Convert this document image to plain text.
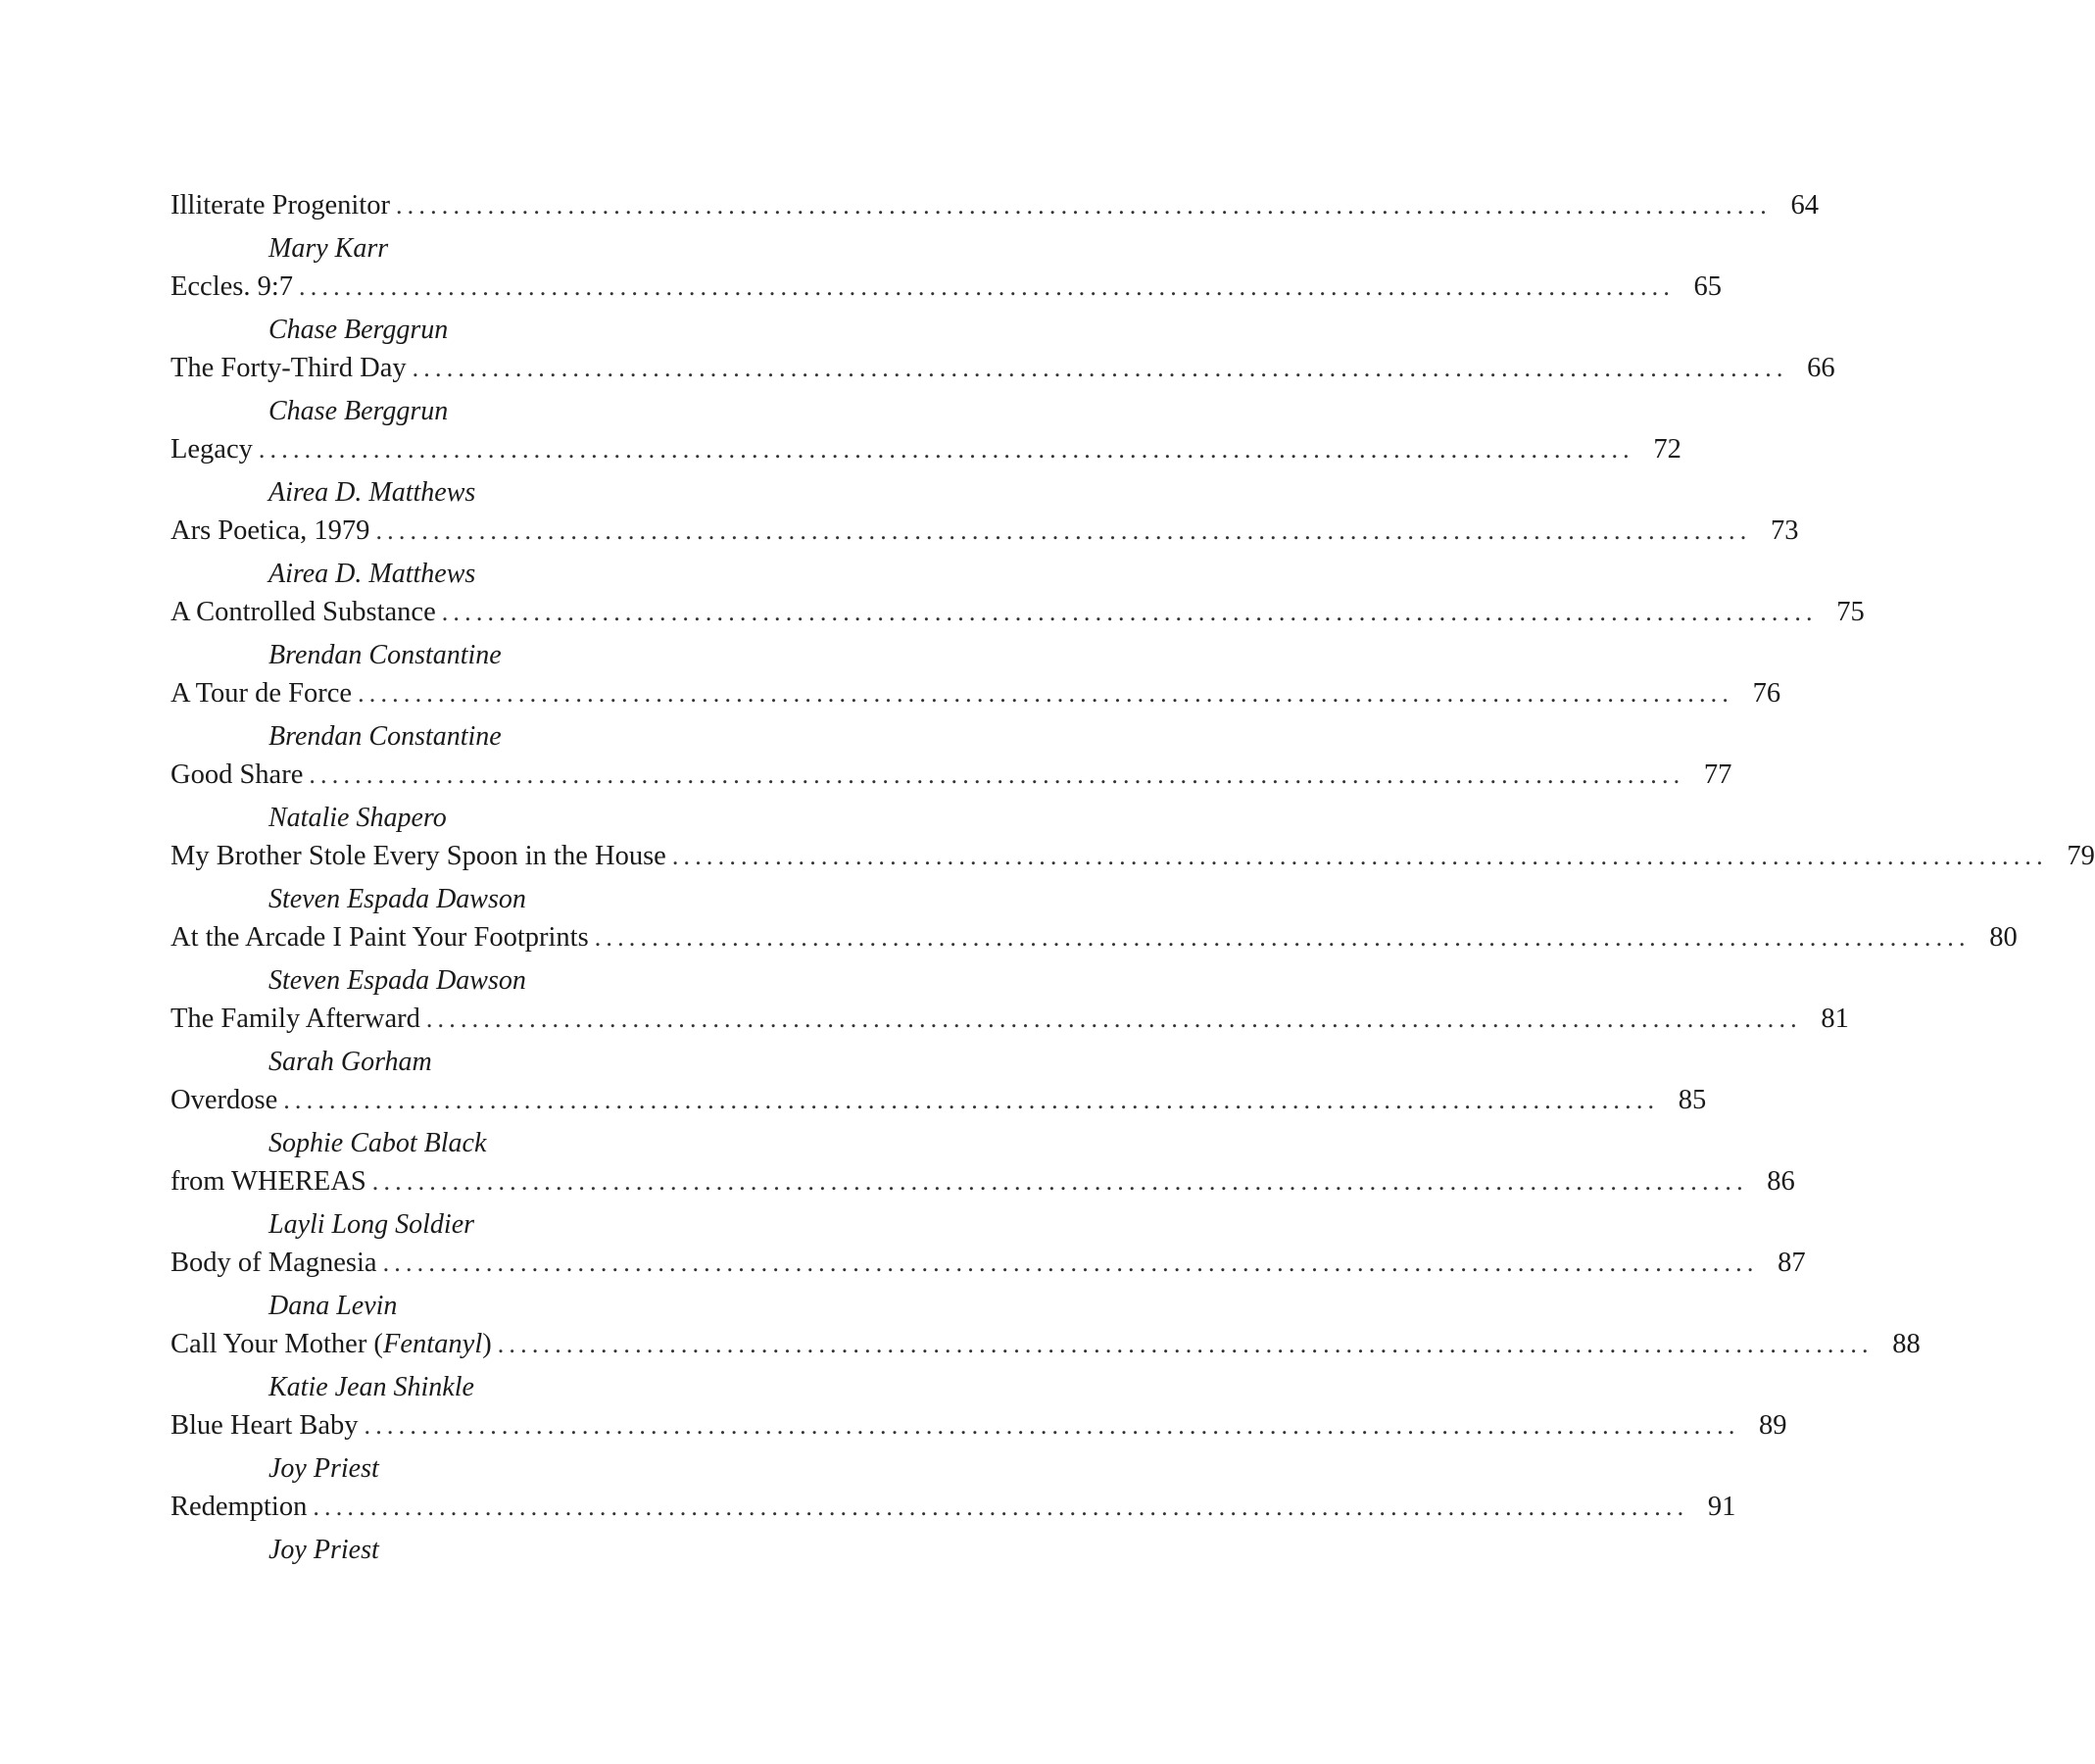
Illiterate Progenitor ........................................................................................................................ 64
Mary Karr
Eccles. 9:7 ........................................................................................................................ 65
Chase Berggrun
The Forty-Third Day ........................................................................................................................ 66
Chase Berggrun
Legacy ........................................................................................................................ 72
Airea D. Matthews
Ars Poetica, 1979 ........................................................................................................................ 73
Airea D. Matthews
A Controlled Substance ........................................................................................................................ 75
Brendan Constantine
A Tour de Force ........................................................................................................................ 76
Brendan Constantine
Good Share ........................................................................................................................ 77
Natalie Shapero
My Brother Stole Every Spoon in the House ........................................................................................................................ 79
Steven Espada Dawson
At the Arcade I Paint Your Footprints ........................................................................................................................ 80
Steven Espada Dawson
The Family Afterward ........................................................................................................................ 81
Sarah Gorham
Overdose ........................................................................................................................ 85
Sophie Cabot Black
from WHEREAS ........................................................................................................................ 86
Layli Long Soldier
Body of Magnesia ........................................................................................................................ 87
Dana Levin
Call Your Mother (Fentanyl) ........................................................................................................................ 88
Katie Jean Shinkle
Blue Heart Baby ........................................................................................................................ 89
Joy Priest
Redemption ........................................................................................................................ 91
Joy Priest
